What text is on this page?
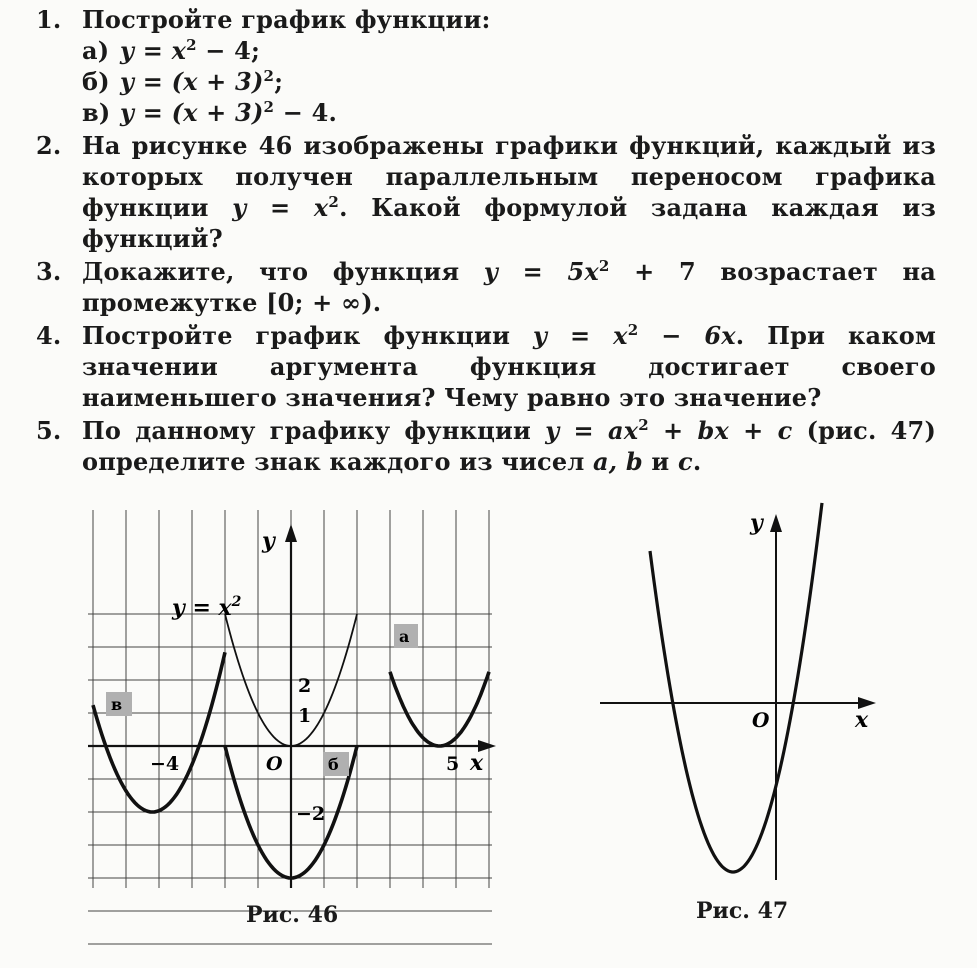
1. Постройте график функции:
а) $y = x^2 - 4$;
б) $y = (x + 3)^2$;
в) $y = (x + 3)^2 - 4$.
2. На рисунке 46 изображены графики функций, каждый из которых получен параллельным переносом графика функции $y = x^2$. Какой формулой задана каждая из функций?
3. Докажите, что функция $y = 5x^2 + 7$ возрастает на промежутке [0; + ∞).
4. Постройте график функции $y = x^2 - 6x$. При каком значении аргумента функция достигает своего наименьшего значения? Чему равно это значение?
5. По данному графику функции $y = ax^2$ + bx + c (рис. 47) определите знак каждого из чисел a, b и c.
y
x
O
−4	5
2
1
−2
$y = x^2$
а
б
в
Рис. 46
y
x
O
Рис. 47
